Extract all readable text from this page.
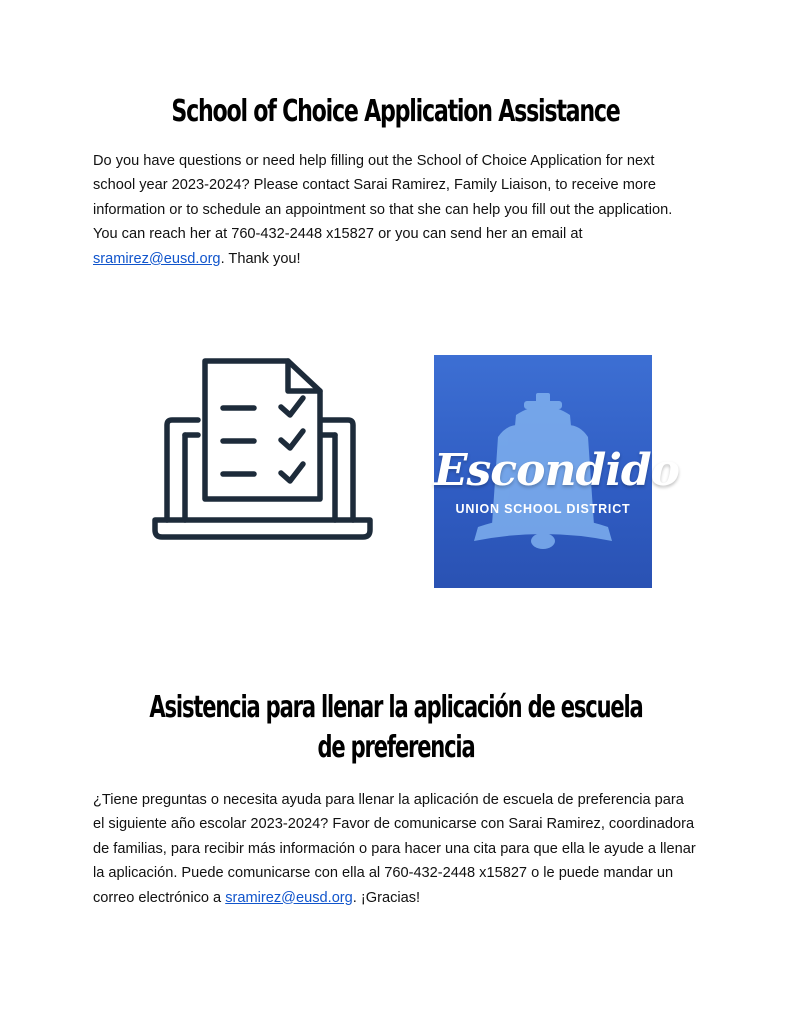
School of Choice Application Assistance

Do you have questions or need help filling out the School of Choice Application for next school year 2023-2024? Please contact Sarai Ramirez, Family Liaison, to receive more information or to schedule an appointment so that she can help you fill out the application. You can reach her at 760-432-2448 x15827 or you can send her an email at sramirez@eusd.org. Thank you!

Escondido
UNION SCHOOL DISTRICT
Asistencia para llenar la aplicación de escuela
de preferencia

¿Tiene preguntas o necesita ayuda para llenar la aplicación de escuela de preferencia para el siguiente año escolar 2023-2024? Favor de comunicarse con Sarai Ramirez, coordinadora de familias, para recibir más información o para hacer una cita para que ella le ayude a llenar la aplicación. Puede comunicarse con ella al 760-432-2448 x15827 o le puede mandar un correo electrónico a sramirez@eusd.org. ¡Gracias!
